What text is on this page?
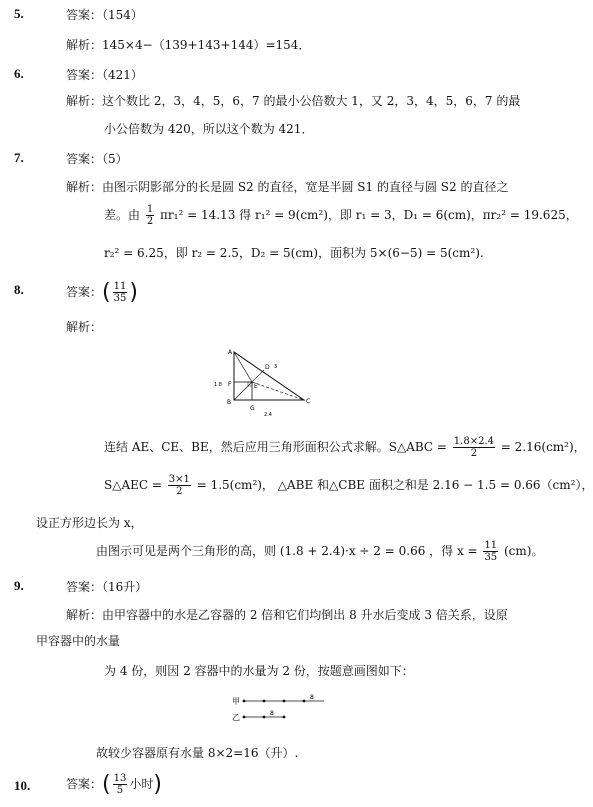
5.	答案：（154）
解析：145×4−（139+143+144）=154．
6.	答案：（421）
解析：这个数比 2，3，4，5，6，7 的最小公倍数大 1，又 2，3，4，5，6，7 的最
小公倍数为 420，所以这个数为 421．
7.	答案：（5）
解析：由图示阴影部分的长是圆 S2 的直径，宽是半圆 S1 的直径与圆 S2 的直径之
差。由 $\frac{1}{2} \pi r_1^2 = 14.13$ 得 r₁² = 9(cm²)，即 r₁ = 3，D₁ = 6(cm)，πr₂² = 19.625，
r₂² = 6.25，即 r₂ = 2.5，D₂ = 5(cm)，面积为 5×(6−5) = 5(cm²).
8.	答案：( $\frac{11}{35}$ )
解析：
A
B	C
D
E
F
G
1.8
3
2.4
连结 AE、CE、BE，然后应用三角形面积公式求解。S△ABC = $\frac{1.8\times 2.4}{2} = 2.16(cm^2)$，
S△AEC = $\frac{3\times 1}{2} = 1.5(cm^2)$， △ABE 和△CBE 面积之和是 2.16 − 1.5 = 0.66（cm²），
设正方形边长为 x，
由图示可见是两个三角形的高，则 (1.8 + 2.4)·x ÷ 2 = 0.66 ，得 $x = \frac{11}{35} (cm)$。
9.	答案：（16升）
解析：由甲容器中的水是乙容器的 2 倍和它们均倒出 8 升水后变成 3 倍关系，设原
甲容器中的水量
为 4 份，则因 2 容器中的水量为 2 份，按题意画图如下：
甲
乙
8
8
故较少容器原有水量 8×2=16（升）.
10.	答案：( $\frac{13}{5}$ 小时)
